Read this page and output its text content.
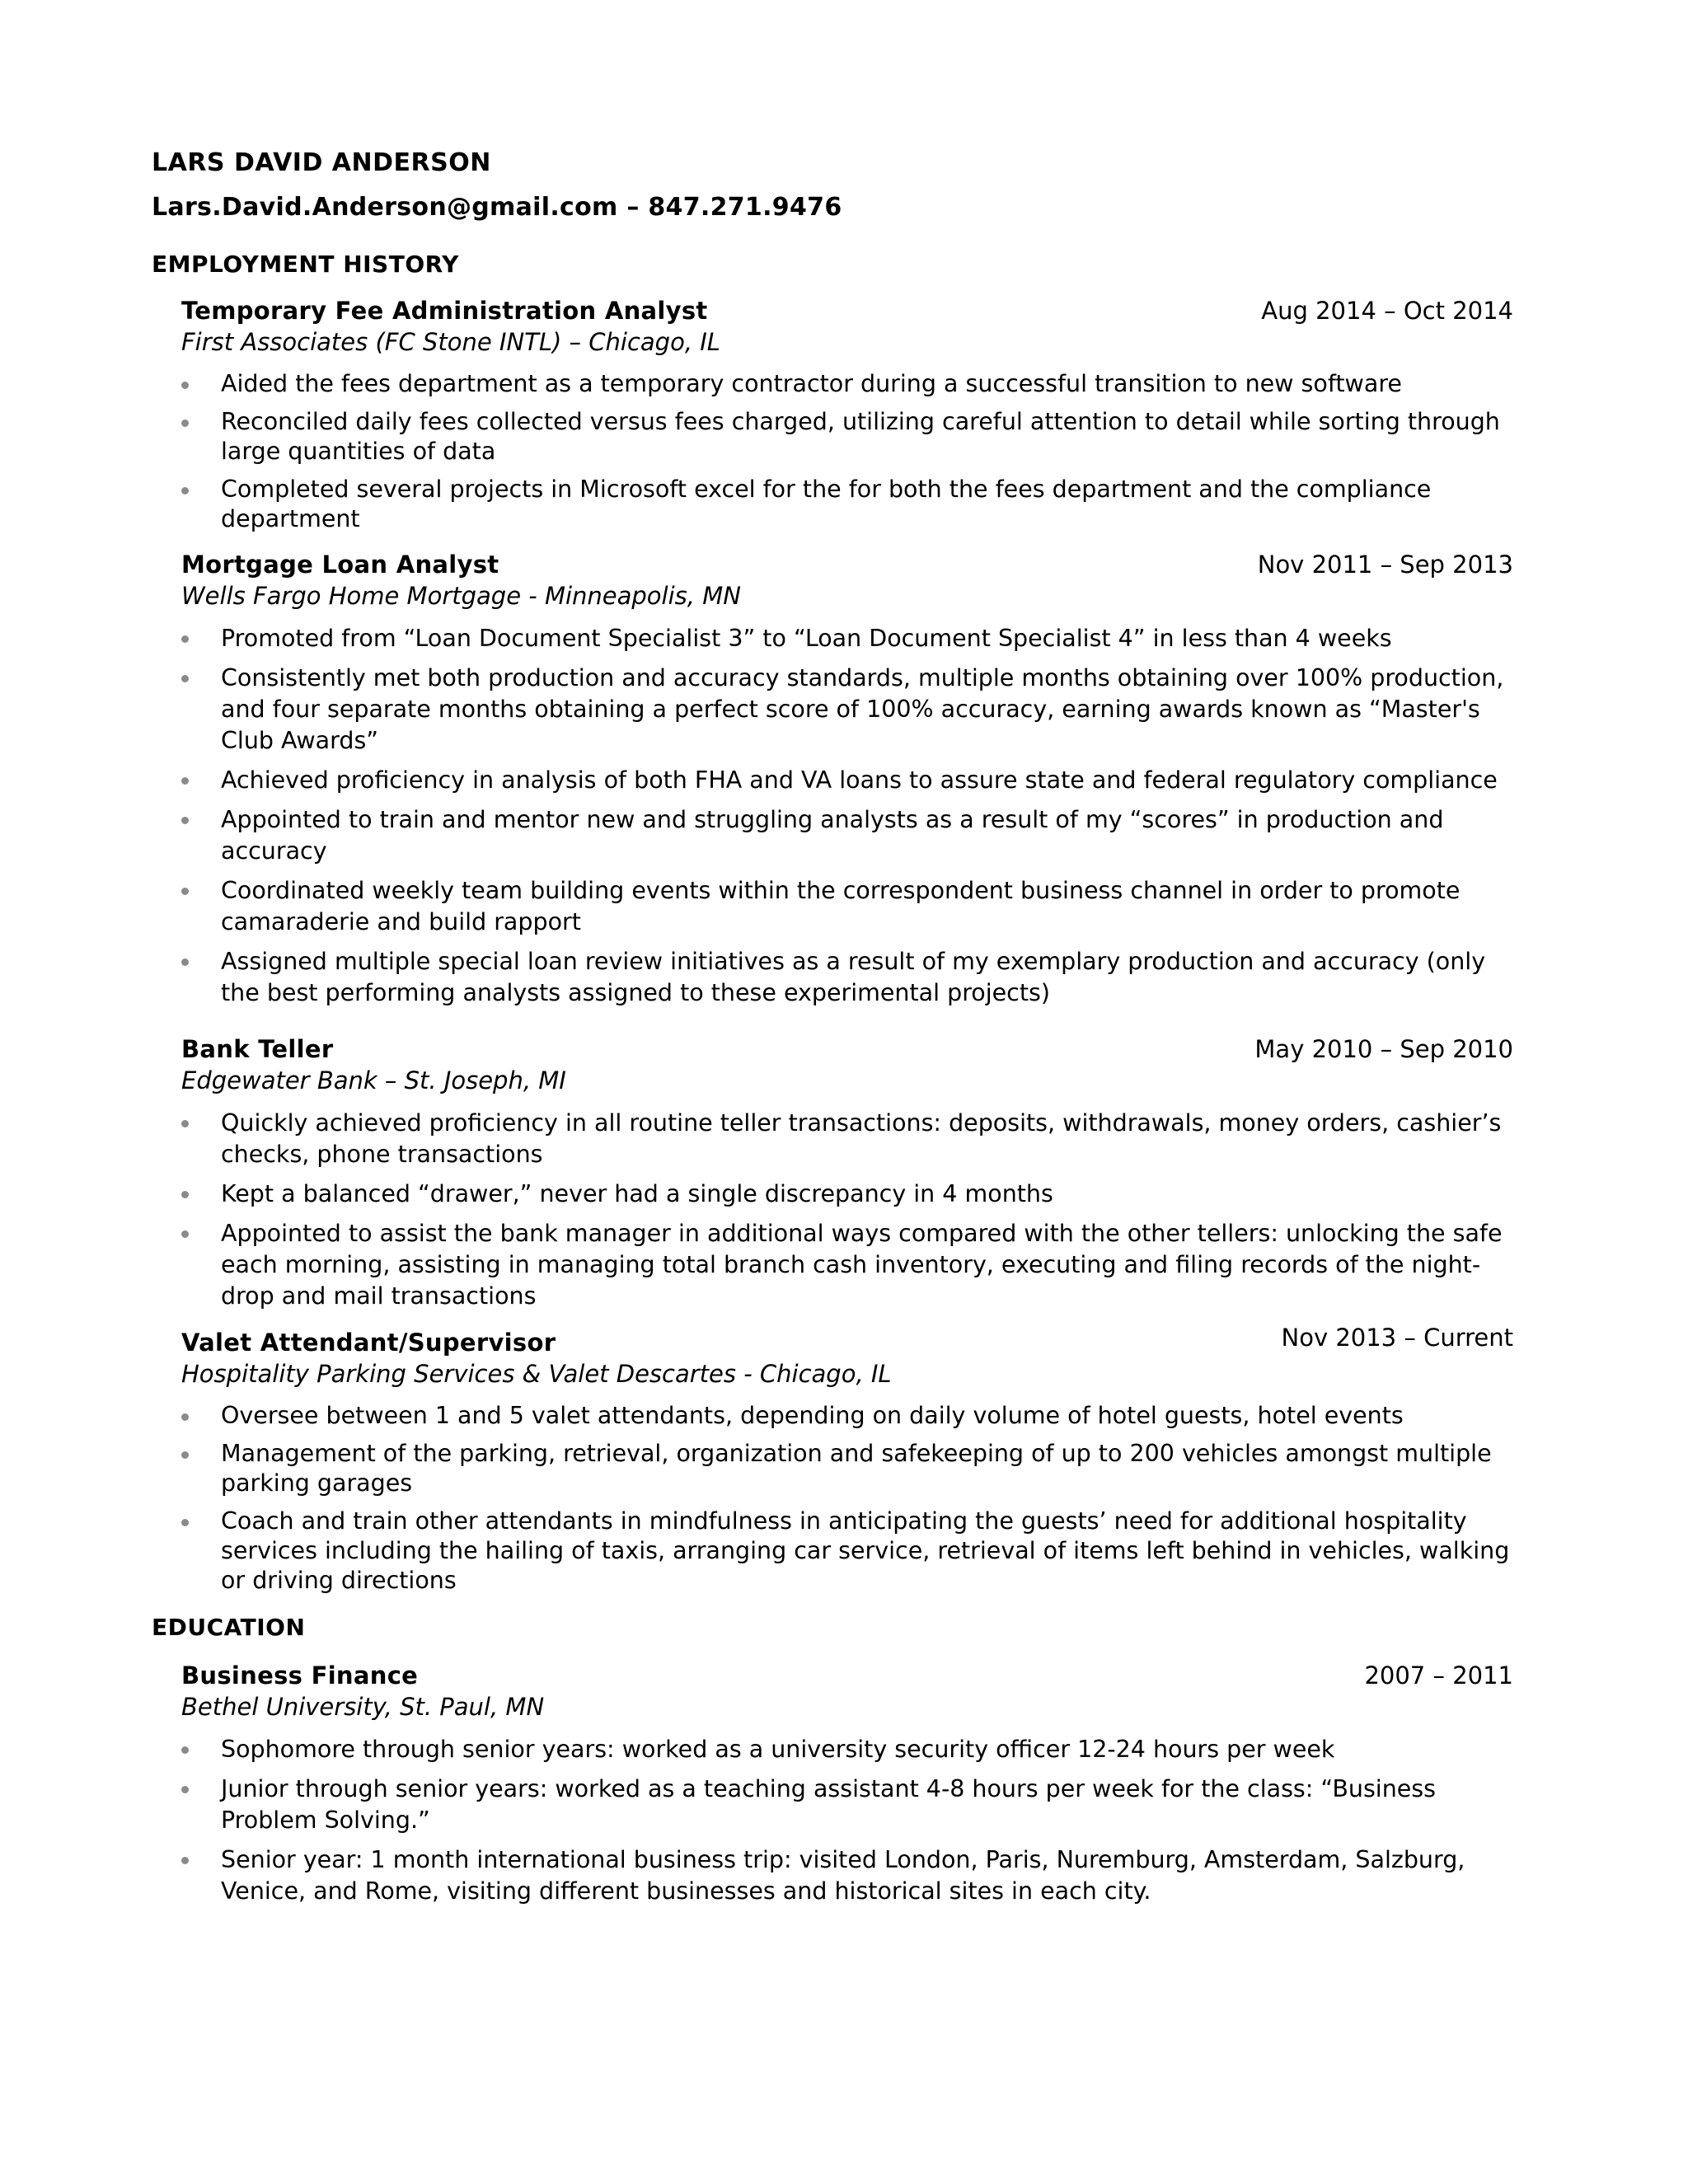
LARS DAVID ANDERSON
Lars.David.Anderson@gmail.com – 847.271.9476
EMPLOYMENT HISTORY
Temporary Fee Administration Analyst	Aug 2014 – Oct 2014
First Associates (FC Stone INTL) – Chicago, IL
Aided the fees department as a temporary contractor during a successful transition to new software
Reconciled daily fees collected versus fees charged, utilizing careful attention to detail while sorting through large quantities of data
Completed several projects in Microsoft excel for the for both the fees department and the compliance department
Mortgage Loan Analyst	Nov 2011 – Sep 2013
Wells Fargo Home Mortgage - Minneapolis, MN
Promoted from “Loan Document Specialist 3” to “Loan Document Specialist 4” in less than 4 weeks
Consistently met both production and accuracy standards, multiple months obtaining over 100% production, and four separate months obtaining a perfect score of 100% accuracy, earning awards known as “Master's Club Awards”
Achieved proficiency in analysis of both FHA and VA loans to assure state and federal regulatory compliance
Appointed to train and mentor new and struggling analysts as a result of my “scores” in production and accuracy
Coordinated weekly team building events within the correspondent business channel in order to promote camaraderie and build rapport
Assigned multiple special loan review initiatives as a result of my exemplary production and accuracy (only the best performing analysts assigned to these experimental projects)
Bank Teller	May 2010 – Sep 2010
Edgewater Bank – St. Joseph, MI
Quickly achieved proficiency in all routine teller transactions: deposits, withdrawals, money orders, cashier’s checks, phone transactions
Kept a balanced “drawer,” never had a single discrepancy in 4 months
Appointed to assist the bank manager in additional ways compared with the other tellers: unlocking the safe each morning, assisting in managing total branch cash inventory, executing and filing records of the night-drop and mail transactions
Valet Attendant/Supervisor	Nov 2013 – Current
Hospitality Parking Services & Valet Descartes - Chicago, IL
Oversee between 1 and 5 valet attendants, depending on daily volume of hotel guests, hotel events
Management of the parking, retrieval, organization and safekeeping of up to 200 vehicles amongst multiple parking garages
Coach and train other attendants in mindfulness in anticipating the guests’ need for additional hospitality services including the hailing of taxis, arranging car service, retrieval of items left behind in vehicles, walking or driving directions
EDUCATION
Business Finance	2007 – 2011
Bethel University, St. Paul, MN
Sophomore through senior years: worked as a university security officer 12-24 hours per week
Junior through senior years: worked as a teaching assistant 4-8 hours per week for the class: “Business Problem Solving.”
Senior year: 1 month international business trip: visited London, Paris, Nuremburg, Amsterdam, Salzburg, Venice, and Rome, visiting different businesses and historical sites in each city.
